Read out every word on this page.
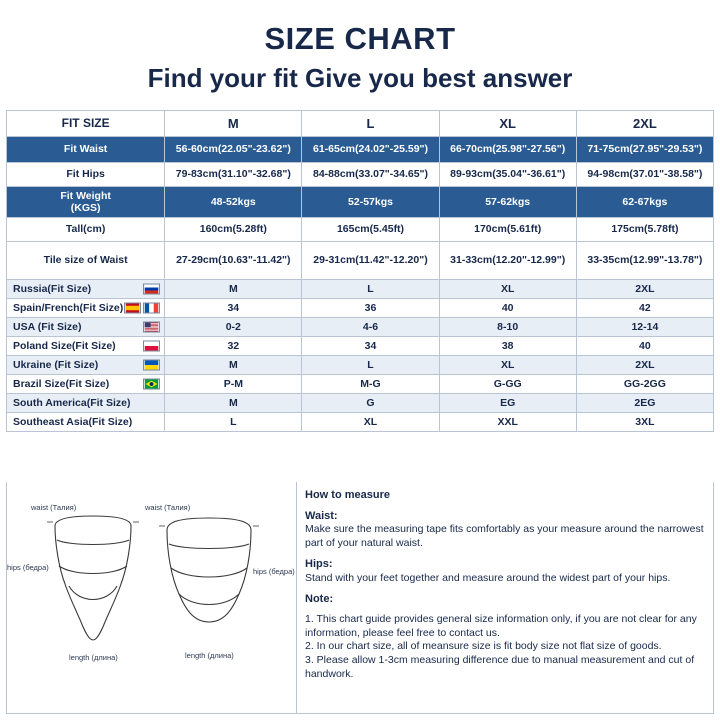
SIZE CHART
Find your fit Give you best answer
FIT SIZE	M	L	XL	2XL
Fit Waist	56-60cm(22.05"-23.62")	61-65cm(24.02"-25.59")	66-70cm(25.98"-27.56")	71-75cm(27.95"-29.53")
Fit Hips	79-83cm(31.10"-32.68")	84-88cm(33.07"-34.65")	89-93cm(35.04"-36.61")	94-98cm(37.01"-38.58")
Fit Weight
(KGS)	48-52kgs	52-57kgs	57-62kgs	62-67kgs
Tall(cm)	160cm(5.28ft)	165cm(5.45ft)	170cm(5.61ft)	175cm(5.78ft)
Tile size of Waist	27-29cm(10.63"-11.42")	29-31cm(11.42"-12.20")	31-33cm(12.20"-12.99")	33-35cm(12.99"-13.78")
Russia(Fit Size)	M	L	XL	2XL
Spain/French(Fit Size)	34	36	40	42
USA (Fit Size)	0-2	4-6	8-10	12-14
Poland Size(Fit Size)	32	34	38	40
Ukraine (Fit Size)	M	L	XL	2XL
Brazil Size(Fit Size)	P-M	M-G	G-GG	GG-2GG
South America(Fit Size)	M	G	EG	2EG
Southeast Asia(Fit Size)	L	XL	XXL	3XL
waist (Талия)
hips (бедра)
length (длина)
waist (Талия)
hips (бедра)
length (длина)

How to measure

Waist:
Make sure the measuring tape fits comfortably as your measure around the narrowest part of your natural waist.

Hips:
Stand with your feet together and measure around the widest part of your hips.

Note:

1. This chart guide provides general size information only, if you are not clear for any information, please feel free to contact us.
2. In our chart size, all of meansure size is fit body size not flat size of goods.
3. Please allow 1-3cm measuring difference due to manual measurement and cut of handwork.
